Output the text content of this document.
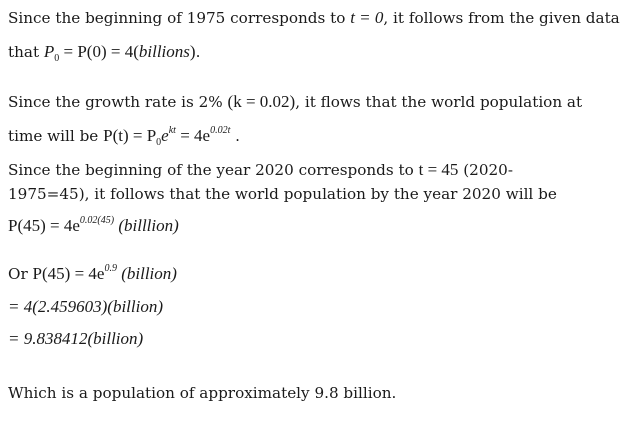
Since the beginning of 1975 corresponds to t = 0, it follows from the given data
that $P_0 = P(0)$ = 4(billions).
Since the growth rate is 2% (k = 0.02), it flows that the world population at
time will be $P(t) = P_0e^{kt} = 4e^{0.02t}$ .
Since the beginning of the year 2020 corresponds to t = 45 (2020-
1975=45), it follows that the world population by the year 2020 will be
$P(45) = 4e^{0.02(45)}$ (billlion)
Or $P(45) = 4e^{0.9}$ (billion)
= 4(2.459603)(billion)
= 9.838412(billion)
Which is a population of approximately 9.8 billion.
